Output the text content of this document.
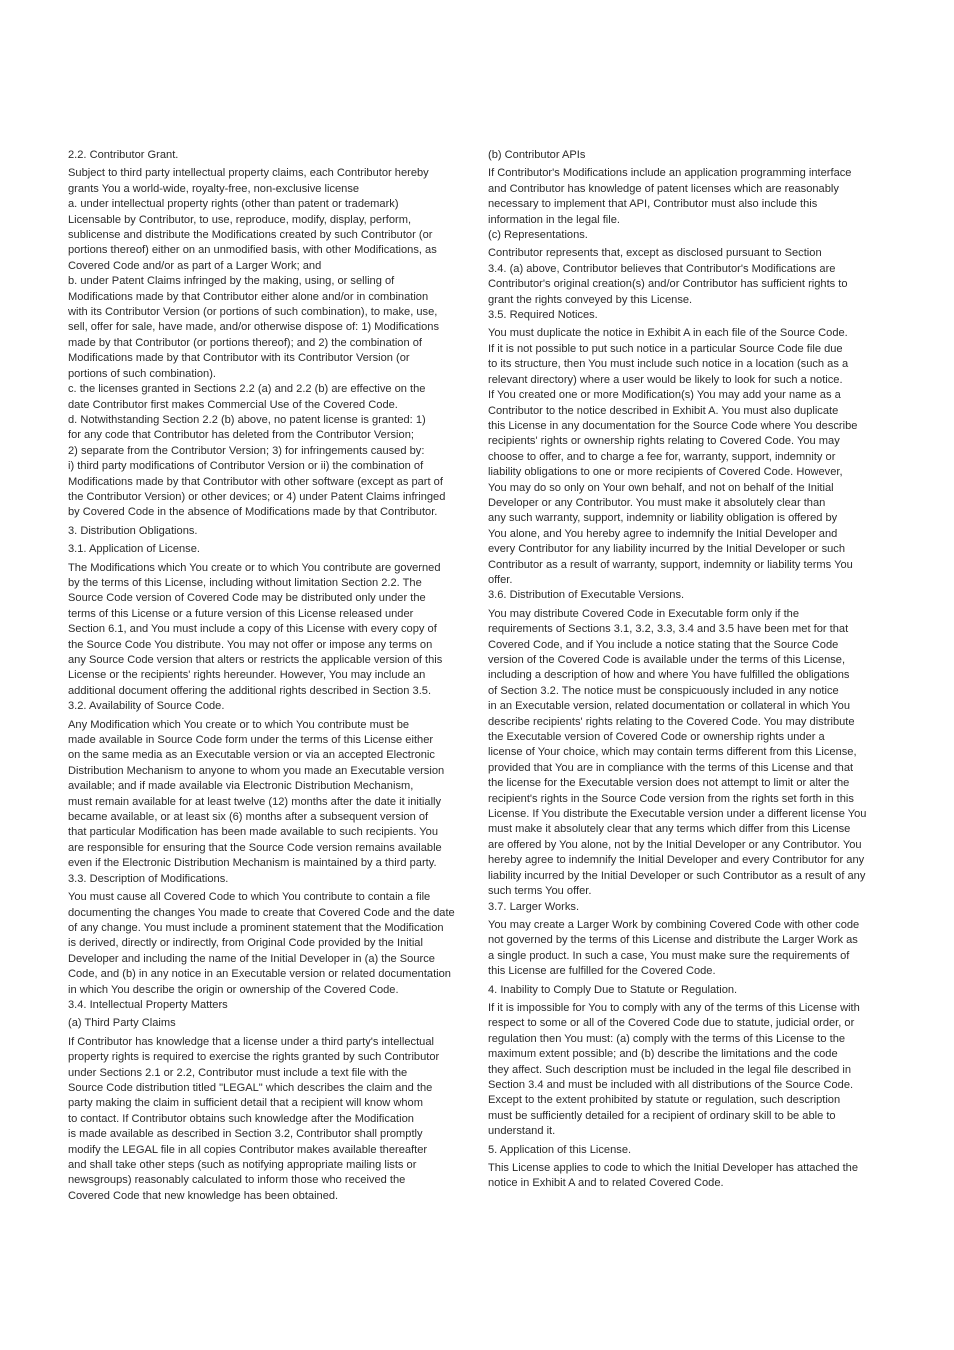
2.2. Contributor Grant.

Subject to third party intellectual property claims, each Contributor hereby

grants You a world-wide, royalty-free, non-exclusive license

a. under intellectual property rights (other than patent or trademark)

Licensable by Contributor, to use, reproduce, modify, display, perform,

sublicense and distribute the Modifications created by such Contributor (or

portions thereof) either on an unmodified basis, with other Modifications, as

Covered Code and/or as part of a Larger Work; and

b. under Patent Claims infringed by the making, using, or selling of

Modifications made by that Contributor either alone and/or in combination

with its Contributor Version (or portions of such combination), to make, use,

sell, offer for sale, have made, and/or otherwise dispose of: 1) Modifications

made by that Contributor (or portions thereof); and 2) the combination of

Modifications made by that Contributor with its Contributor Version (or

portions of such combination).

c. the licenses granted in Sections 2.2 (a) and 2.2 (b) are effective on the

date Contributor first makes Commercial Use of the Covered Code.

d. Notwithstanding Section 2.2 (b) above, no patent license is granted: 1)

for any code that Contributor has deleted from the Contributor Version;

2) separate from the Contributor Version; 3) for infringements caused by:

i) third party modifications of Contributor Version or ii) the combination of

Modifications made by that Contributor with other software (except as part of

the Contributor Version) or other devices; or 4) under Patent Claims infringed

by Covered Code in the absence of Modifications made by that Contributor.

3. Distribution Obligations.

3.1. Application of License.

The Modifications which You create or to which You contribute are governed

by the terms of this License, including without limitation Section 2.2. The

Source Code version of Covered Code may be distributed only under the

terms of this License or a future version of this License released under

Section 6.1, and You must include a copy of this License with every copy of

the Source Code You distribute. You may not offer or impose any terms on

any Source Code version that alters or restricts the applicable version of this

License or the recipients' rights hereunder. However, You may include an

additional document offering the additional rights described in Section 3.5.

3.2. Availability of Source Code.

Any Modification which You create or to which You contribute must be

made available in Source Code form under the terms of this License either

on the same media as an Executable version or via an accepted Electronic

Distribution Mechanism to anyone to whom you made an Executable version

available; and if made available via Electronic Distribution Mechanism,

must remain available for at least twelve (12) months after the date it initially

became available, or at least six (6) months after a subsequent version of

that particular Modification has been made available to such recipients. You

are responsible for ensuring that the Source Code version remains available

even if the Electronic Distribution Mechanism is maintained by a third party.

3.3. Description of Modifications.

You must cause all Covered Code to which You contribute to contain a file

documenting the changes You made to create that Covered Code and the date

of any change. You must include a prominent statement that the Modification

is derived, directly or indirectly, from Original Code provided by the Initial

Developer and including the name of the Initial Developer in (a) the Source

Code, and (b) in any notice in an Executable version or related documentation

in which You describe the origin or ownership of the Covered Code.

3.4. Intellectual Property Matters

(a) Third Party Claims

If Contributor has knowledge that a license under a third party's intellectual

property rights is required to exercise the rights granted by such Contributor

under Sections 2.1 or 2.2, Contributor must include a text file with the

Source Code distribution titled "LEGAL" which describes the claim and the

party making the claim in sufficient detail that a recipient will know whom

to contact. If Contributor obtains such knowledge after the Modification

is made available as described in Section 3.2, Contributor shall promptly

modify the LEGAL file in all copies Contributor makes available thereafter

and shall take other steps (such as notifying appropriate mailing lists or

newsgroups) reasonably calculated to inform those who received the

Covered Code that new knowledge has been obtained.

(b) Contributor APIs

If Contributor's Modifications include an application programming interface

and Contributor has knowledge of patent licenses which are reasonably

necessary to implement that API, Contributor must also include this

information in the legal file.

(c) Representations.

Contributor represents that, except as disclosed pursuant to Section

3.4. (a) above, Contributor believes that Contributor's Modifications are

Contributor's original creation(s) and/or Contributor has sufficient rights to

grant the rights conveyed by this License.

3.5. Required Notices.

You must duplicate the notice in Exhibit A in each file of the Source Code.

If it is not possible to put such notice in a particular Source Code file due

to its structure, then You must include such notice in a location (such as a

relevant directory) where a user would be likely to look for such a notice.

If You created one or more Modification(s) You may add your name as a

Contributor to the notice described in Exhibit A. You must also duplicate

this License in any documentation for the Source Code where You describe

recipients' rights or ownership rights relating to Covered Code. You may

choose to offer, and to charge a fee for, warranty, support, indemnity or

liability obligations to one or more recipients of Covered Code. However,

You may do so only on Your own behalf, and not on behalf of the Initial

Developer or any Contributor. You must make it absolutely clear than

any such warranty, support, indemnity or liability obligation is offered by

You alone, and You hereby agree to indemnify the Initial Developer and

every Contributor for any liability incurred by the Initial Developer or such

Contributor as a result of warranty, support, indemnity or liability terms You

offer.

3.6. Distribution of Executable Versions.

You may distribute Covered Code in Executable form only if the

requirements of Sections 3.1, 3.2, 3.3, 3.4 and 3.5 have been met for that

Covered Code, and if You include a notice stating that the Source Code

version of the Covered Code is available under the terms of this License,

including a description of how and where You have fulfilled the obligations

of Section 3.2. The notice must be conspicuously included in any notice

in an Executable version, related documentation or collateral in which You

describe recipients' rights relating to the Covered Code. You may distribute

the Executable version of Covered Code or ownership rights under a

license of Your choice, which may contain terms different from this License,

provided that You are in compliance with the terms of this License and that

the license for the Executable version does not attempt to limit or alter the

recipient's rights in the Source Code version from the rights set forth in this

License. If You distribute the Executable version under a different license You

must make it absolutely clear that any terms which differ from this License

are offered by You alone, not by the Initial Developer or any Contributor. You

hereby agree to indemnify the Initial Developer and every Contributor for any

liability incurred by the Initial Developer or such Contributor as a result of any

such terms You offer.

3.7. Larger Works.

You may create a Larger Work by combining Covered Code with other code

not governed by the terms of this License and distribute the Larger Work as

a single product. In such a case, You must make sure the requirements of

this License are fulfilled for the Covered Code.

4. Inability to Comply Due to Statute or Regulation.

If it is impossible for You to comply with any of the terms of this License with

respect to some or all of the Covered Code due to statute, judicial order, or

regulation then You must: (a) comply with the terms of this License to the

maximum extent possible; and (b) describe the limitations and the code

they affect. Such description must be included in the legal file described in

Section 3.4 and must be included with all distributions of the Source Code.

Except to the extent prohibited by statute or regulation, such description

must be sufficiently detailed for a recipient of ordinary skill to be able to

understand it.

5. Application of this License.

This License applies to code to which the Initial Developer has attached the

notice in Exhibit A and to related Covered Code.
